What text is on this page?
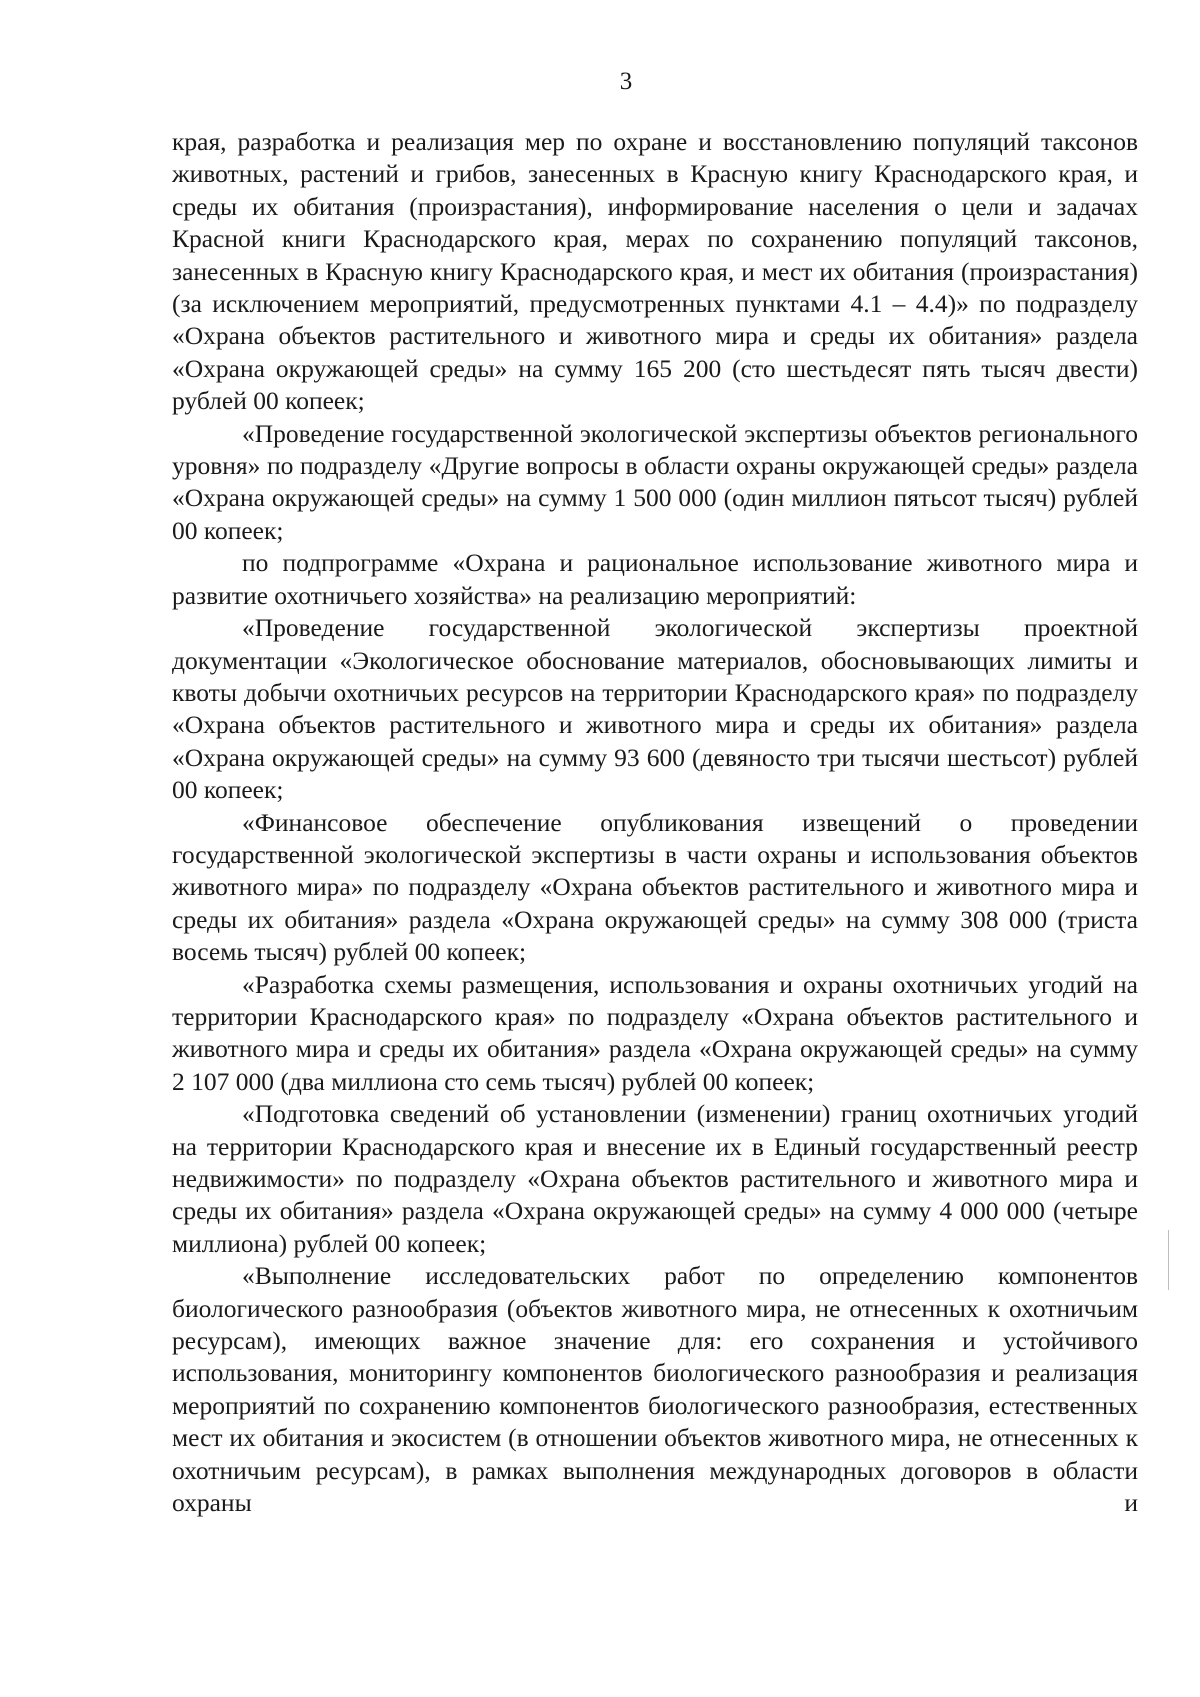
3

края, разработка и реализация мер по охране и восстановлению популяций таксонов животных, растений и грибов, занесенных в Красную книгу Краснодарского края, и среды их обитания (произрастания), информирование населения о цели и задачах Красной книги Краснодарского края, мерах по сохранению популяций таксонов, занесенных в Красную книгу Краснодарского края, и мест их обитания (произрастания) (за исключением мероприятий, предусмотренных пунктами 4.1 – 4.4)» по подразделу «Охрана объектов растительного и животного мира и среды их обитания» раздела «Охрана окружающей среды» на сумму 165 200 (сто шестьдесят пять тысяч двести) рублей 00 копеек;

«Проведение государственной экологической экспертизы объектов регионального уровня» по подразделу «Другие вопросы в области охраны окружающей среды» раздела «Охрана окружающей среды» на сумму 1 500 000 (один миллион пятьсот тысяч) рублей 00 копеек;

по подпрограмме «Охрана и рациональное использование животного мира и развитие охотничьего хозяйства» на реализацию мероприятий:

«Проведение государственной экологической экспертизы проектной документации «Экологическое обоснование материалов, обосновывающих лимиты и квоты добычи охотничьих ресурсов на территории Краснодарского края» по подразделу «Охрана объектов растительного и животного мира и среды их обитания» раздела «Охрана окружающей среды» на сумму 93 600 (девяносто три тысячи шестьсот) рублей 00 копеек;

«Финансовое обеспечение опубликования извещений о проведении государственной экологической экспертизы в части охраны и использования объектов животного мира» по подразделу «Охрана объектов растительного и животного мира и среды их обитания» раздела «Охрана окружающей среды» на сумму 308 000 (триста восемь тысяч) рублей 00 копеек;

«Разработка схемы размещения, использования и охраны охотничьих угодий на территории Краснодарского края» по подразделу «Охрана объектов растительного и животного мира и среды их обитания» раздела «Охрана окружающей среды» на сумму 2 107 000 (два миллиона сто семь тысяч) рублей 00 копеек;

«Подготовка сведений об установлении (изменении) границ охотничьих угодий на территории Краснодарского края и внесение их в Единый государственный реестр недвижимости» по подразделу «Охрана объектов растительного и животного мира и среды их обитания» раздела «Охрана окружающей среды» на сумму 4 000 000 (четыре миллиона) рублей 00 копеек;

«Выполнение исследовательских работ по определению компонентов биологического разнообразия (объектов животного мира, не отнесенных к охотничьим ресурсам), имеющих важное значение для: его сохранения и устойчивого использования, мониторингу компонентов биологического разнообразия и реализация мероприятий по сохранению компонентов биологического разнообразия, естественных мест их обитания и экосистем (в отношении объектов животного мира, не отнесенных к охотничьим ресурсам), в рамках выполнения международных договоров в области охраны и
